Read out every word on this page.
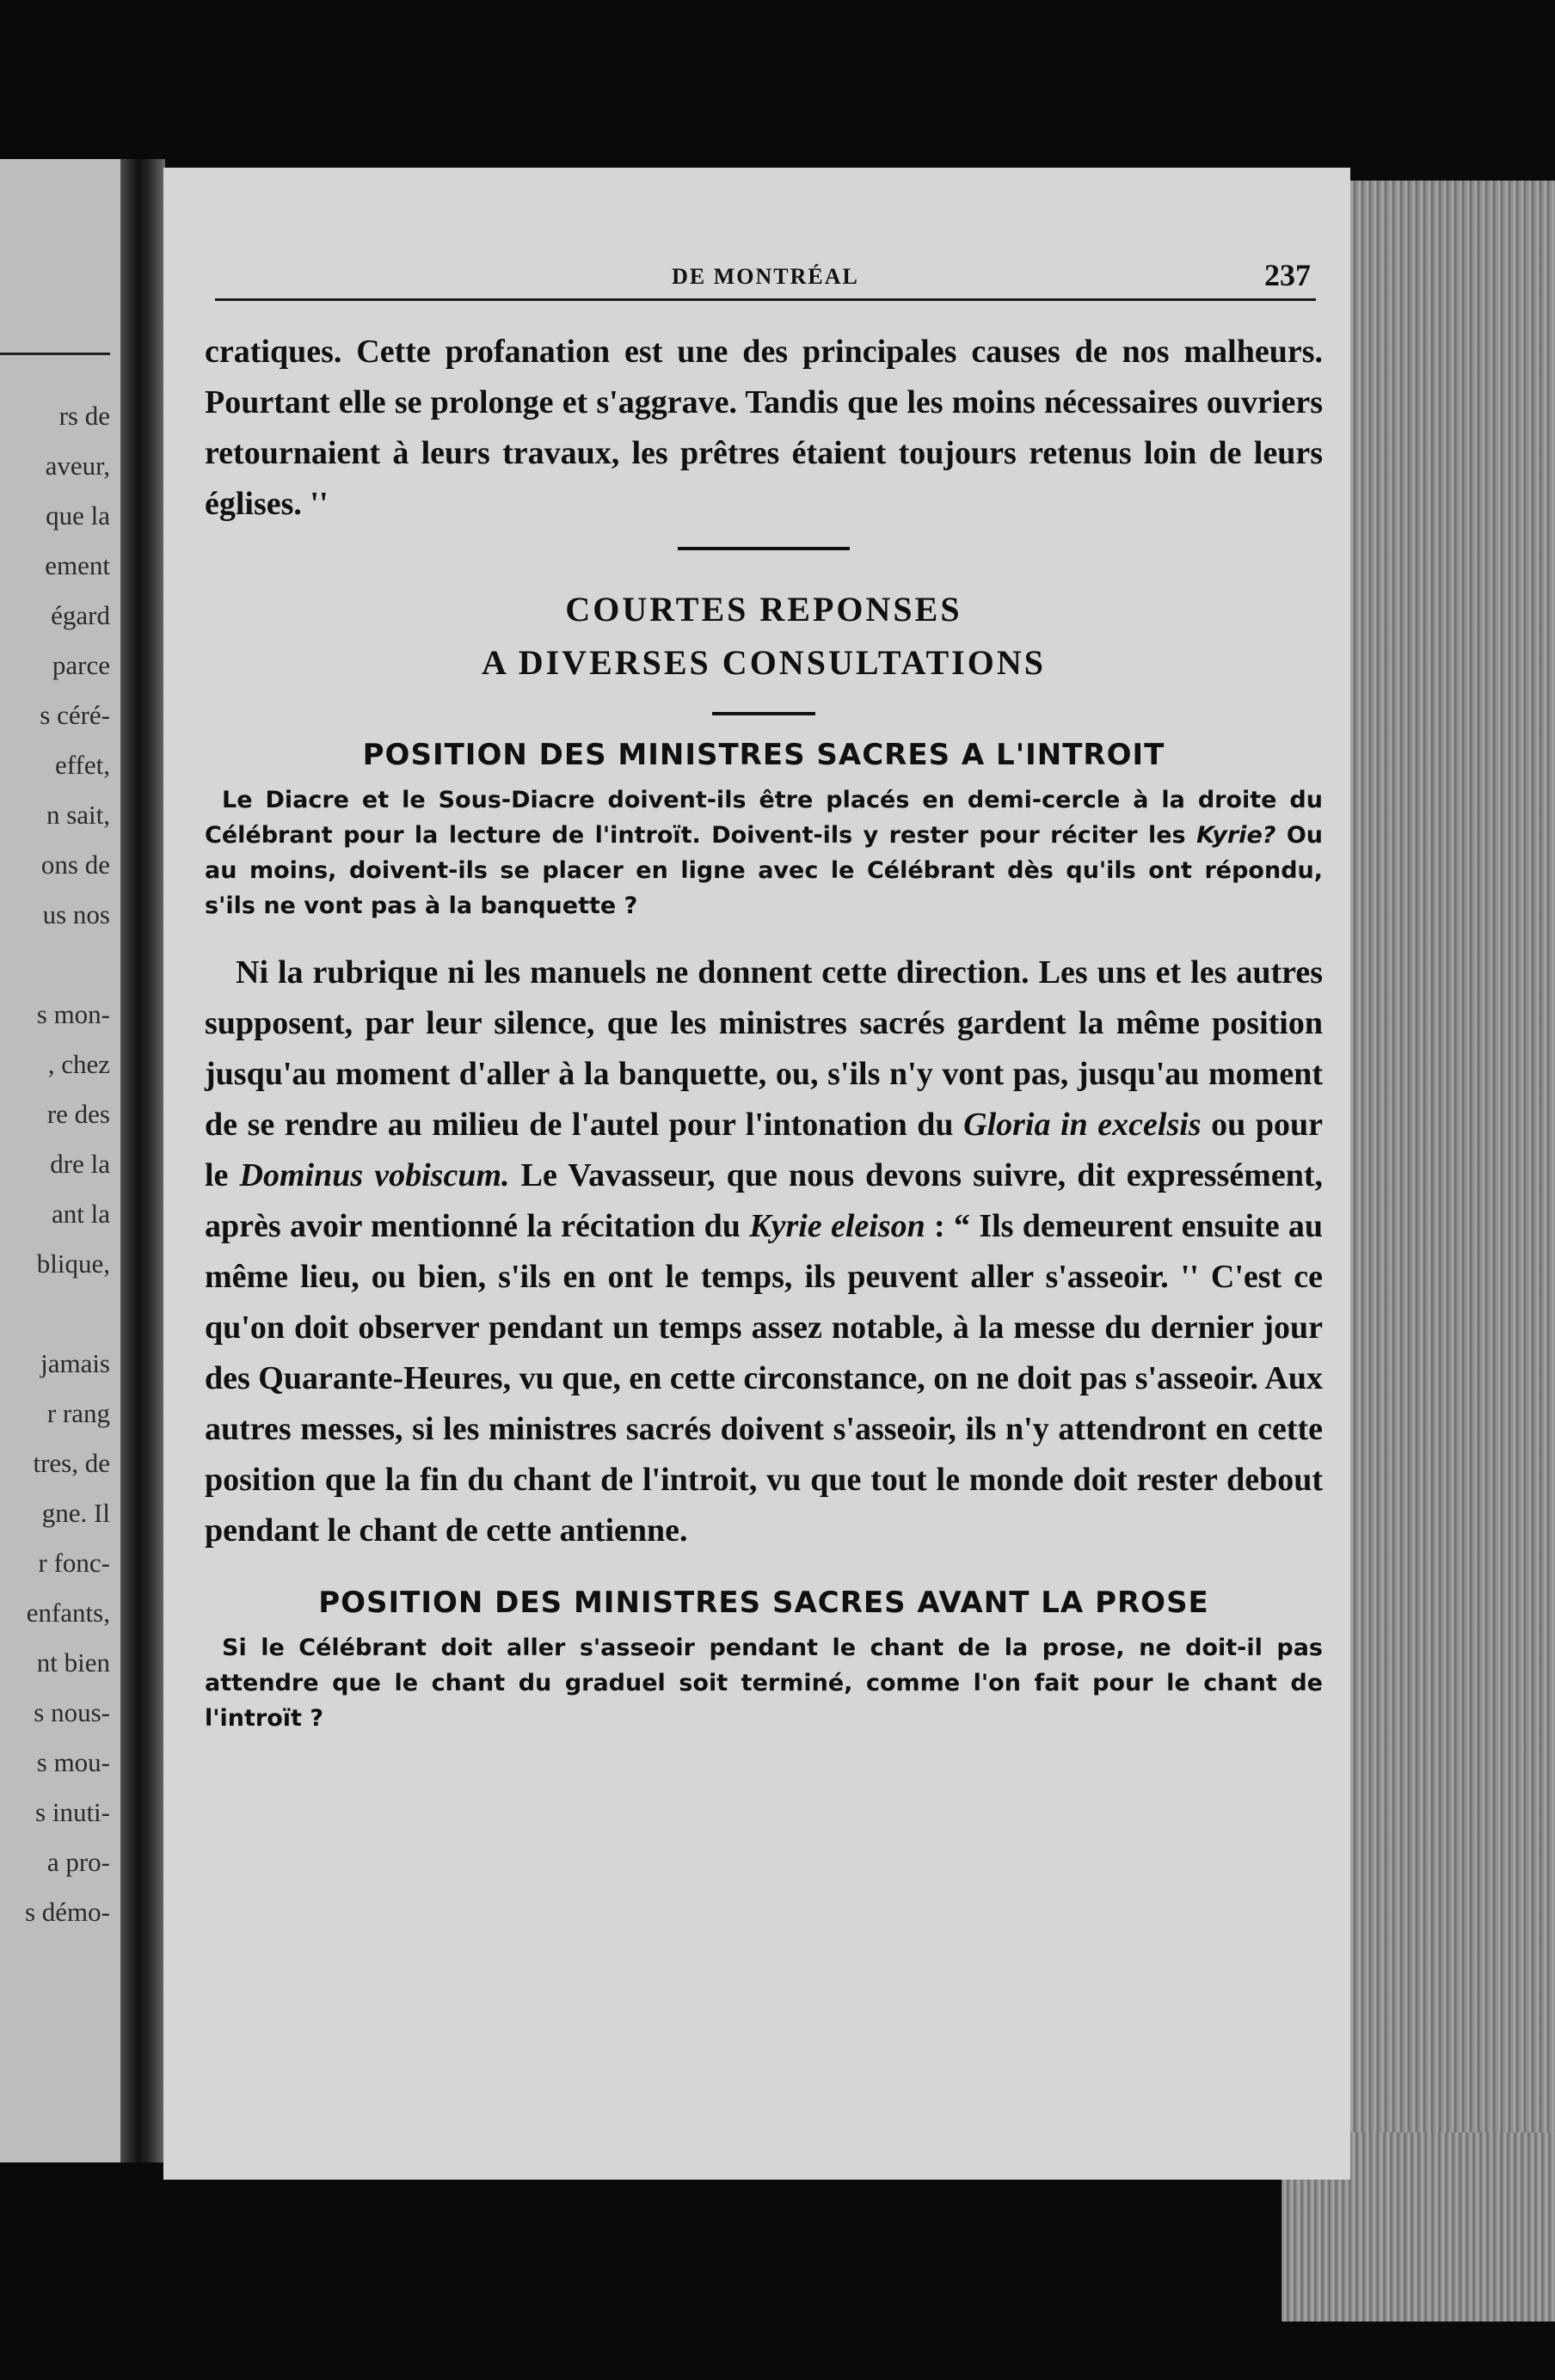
rs de
aveur,
que la
ement
égard
parce
s céré-
effet,
n sait,
ons de
us nos
s mon-
, chez
re des
dre la
ant la
blique,
jamais
r rang
tres, de
gne. Il
r fonc-
enfants,
nt bien
s nous-
s mou-
s inuti-
a pro-
s démo-
DE MONTRÉAL	237

cratiques. Cette profanation est une des principales causes de nos malheurs. Pourtant elle se prolonge et s'aggrave. Tandis que les moins nécessaires ouvriers retournaient à leurs travaux, les prêtres étaient toujours retenus loin de leurs églises. ''

COURTES REPONSES

A DIVERSES CONSULTATIONS

POSITION DES MINISTRES SACRES A L'INTROIT

Le Diacre et le Sous-Diacre doivent-ils être placés en demi-cercle à la droite du Célébrant pour la lecture de l'introït. Doivent-ils y rester pour réciter les Kyrie? Ou au moins, doivent-ils se placer en ligne avec le Célébrant dès qu'ils ont répondu, s'ils ne vont pas à la banquette ?

Ni la rubrique ni les manuels ne donnent cette direction. Les uns et les autres supposent, par leur silence, que les ministres sacrés gardent la même position jusqu'au moment d'aller à la banquette, ou, s'ils n'y vont pas, jusqu'au moment de se rendre au milieu de l'autel pour l'intonation du Gloria in excelsis ou pour le Dominus vobiscum. Le Vavasseur, que nous devons suivre, dit expressément, après avoir mentionné la récitation du Kyrie eleison : “ Ils demeurent ensuite au même lieu, ou bien, s'ils en ont le temps, ils peuvent aller s'asseoir. '' C'est ce qu'on doit observer pendant un temps assez notable, à la messe du dernier jour des Quarante-Heures, vu que, en cette circonstance, on ne doit pas s'asseoir. Aux autres messes, si les ministres sacrés doivent s'asseoir, ils n'y attendront en cette position que la fin du chant de l'introit, vu que tout le monde doit rester debout pendant le chant de cette antienne.

POSITION DES MINISTRES SACRES AVANT LA PROSE

Si le Célébrant doit aller s'asseoir pendant le chant de la prose, ne doit-il pas attendre que le chant du graduel soit terminé, comme l'on fait pour le chant de l'introït ?
